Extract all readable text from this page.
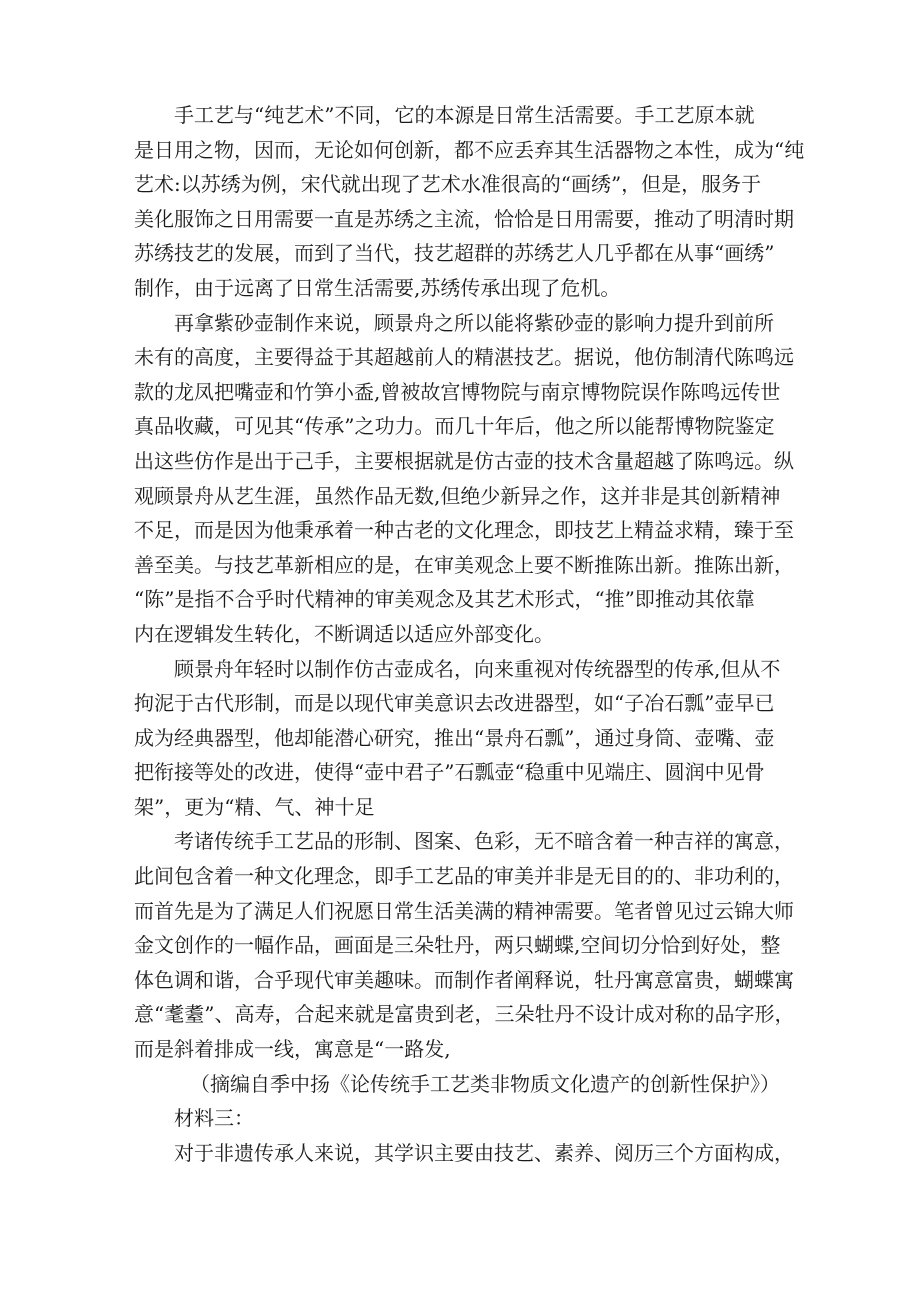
手工艺与“纯艺术”不同，它的本源是日常生活需要。手工艺原本就
是日用之物，因而，无论如何创新，都不应丢弃其生活器物之本性，成为“纯
艺术:以苏绣为例，宋代就出现了艺术水准很高的“画绣”，但是，服务于
美化服饰之日用需要一直是苏绣之主流，恰恰是日用需要，推动了明清时期
苏绣技艺的发展，而到了当代，技艺超群的苏绣艺人几乎都在从事“画绣”
制作，由于远离了日常生活需要,苏绣传承出现了危机。

再拿紫砂壶制作来说，顾景舟之所以能将紫砂壶的影响力提升到前所
未有的高度，主要得益于其超越前人的精湛技艺。据说，他仿制清代陈鸣远
款的龙凤把嘴壶和竹笋小盉,曾被故宫博物院与南京博物院误作陈鸣远传世
真品收藏，可见其“传承”之功力。而几十年后，他之所以能帮博物院鉴定
出这些仿作是出于己手，主要根据就是仿古壶的技术含量超越了陈鸣远。纵
观顾景舟从艺生涯，虽然作品无数,但绝少新异之作，这并非是其创新精神
不足，而是因为他秉承着一种古老的文化理念，即技艺上精益求精，臻于至
善至美。与技艺革新相应的是，在审美观念上要不断推陈出新。推陈出新，
“陈”是指不合乎时代精神的审美观念及其艺术形式，“推”即推动其依靠
内在逻辑发生转化，不断调适以适应外部变化。

顾景舟年轻时以制作仿古壶成名，向来重视对传统器型的传承,但从不
拘泥于古代形制，而是以现代审美意识去改进器型，如“子冶石瓢”壶早已
成为经典器型，他却能潜心研究，推出“景舟石瓢”，通过身筒、壶嘴、壶
把衔接等处的改进，使得“壶中君子”石瓢壶“稳重中见端庄、圆润中见骨
架”，更为“精、气、神十足

考诸传统手工艺品的形制、图案、色彩，无不暗含着一种吉祥的寓意，
此间包含着一种文化理念，即手工艺品的审美并非是无目的的、非功利的，
而首先是为了满足人们祝愿日常生活美满的精神需要。笔者曾见过云锦大师
金文创作的一幅作品，画面是三朵牡丹，两只蝴蝶,空间切分恰到好处，整
体色调和谐，合乎现代审美趣味。而制作者阐释说，牡丹寓意富贵，蝴蝶寓
意“耄耋”、高寿，合起来就是富贵到老，三朵牡丹不设计成对称的品字形，
而是斜着排成一线，寓意是“一路发,

（摘编自季中扬《论传统手工艺类非物质文化遗产的创新性保护》）

材料三：

对于非遗传承人来说，其学识主要由技艺、素养、阅历三个方面构成，
